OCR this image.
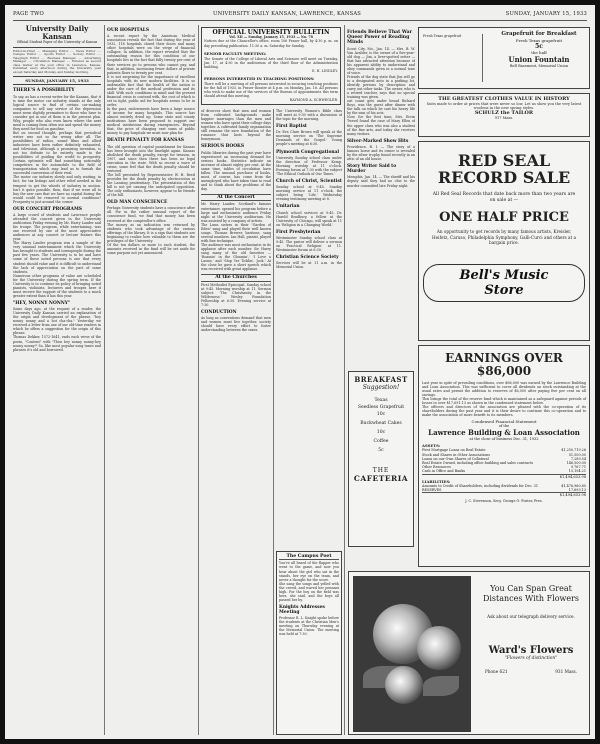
PAGE TWO	UNIVERSITY DAILY KANSAN, LAWRENCE, KANSAS	SUNDAY, JANUARY 15, 1933
University Daily Kansan
Official Student Paper of the University of Kansas
Editor-in-Chief .... Managing Editor .... News Editor .... Campus Editor .... Sports Editor .... Society Editor .... Telegraph Editor .... Business Manager .... Advertising Manager .... Circulation Manager .... Entered as second class matter at the post office in Lawrence, Kansas. Published every afternoon during the University year except Saturday and Monday, and Sunday morning.
SUNDAY, JANUARY 15, 1933
THERE'S A POSSIBILITY
To say, as has a recent writer for the Kansan, that it is time the motor car industry stands at the only logical source to find of certain car-making companies to sell any service of the depression must seem slightly premature to those who have to consider got in one of them is in the present plan. Why, people who also even know where the next meal is coming from often use and spend the money they need for food on gasoline.
But on second thought, perhaps that periodical writer was not so far wrong after all. The possibilities of radios, sound films and allied industries have been rather definitely exhausted, and television, although a promising invention, is not too definite to be entirely made to the possibilities of guiding the world to prosperity. Certain optimists will find something noticeably competitive in the automobile to the field of transportation which may lead us to furnish the successful conversion of their rival.
The motor car industry slowly and only waiting, in fact, for tax listings and other relief needed in the tempest to get the wheels of industry in motion. Isn't it quite possible, then, that if we were all to buy the new cars that we have no capital during the would could be removed to normal conditions? Prosperity is just around the corner.
OUR CONCERT PROGRAMS
A large crowd of students and Lawrence people attended the concert given in the University auditorium Friday evening by Mr. Harry Lauder and his troupe. The program, while entertaining, was one received by one of the most appreciative audiences at any concert or lecture feature this year.
The Harry Lauder program was a sample of the very unusual entertainment which the University has brought to students and townspeople during the past few years. The University is to be and have some of these noted persons is one that every student should value and it is difficult to understand the lack of appreciation on the part of some students.
Numerous other programs of value are scheduled for the University during the spring term. If the University is to continue its policy of bringing noted pianists, violinists, lecturers and troupes here it must receive the support of the students to a much greater extent than it has this year.
"HEY, NONNY NONNY"
Some days ago, at the request of a reader, the University Daily Kansan carried an explanation of the origin and development of the phrase, "hey nonny nonny and a hot cha-cha." Yesterday we received a letter from one of our old-time readers in which he offers a suggestion for the origin of this phrase.
Thomas Dekker, 1572-1641, ends each verse of the poem, "Content" with "Then hey nonny nonny-hey nonny nonny!" So, like most popular song tunes and phrases it's old and borrowed.
OUR HOSPITALS
A recent report by the American Medical association reveals the fact that during the year of 1932, 118 hospitals closed their doors and many other hospitals were on the verge of financial collapse. In addition, the report revealed that the outstanding reason for this condition of our hospitals lies in the fact that fully twenty per cent of their services go to persons who cannot pay, and that, in addition, increasing fewer dollars of private patients flows to twenty per cent.
It is not surprising for the importance of excellent hospitals with its new modern facilities. It is so undeniable fact that the health of the nation is under the care of the medical profession and its skill. With such conditions in mind and the present financial crisis to contend with, the cost of which is set in tight, public aid for hospitals seems to be in order.
In the past, endowments have been a large source of income for many hospitals. This source has almost entirely dried up. Some state and county institutions have been proposed to support our medical institutions during emergencies. Beyond that, the price of charging vast sums of public money to pay hospitals we must now plan for.
DEATH PENALTY FOR KANSAS
The old question of capital punishment for Kansas has been brought into the limelight again. Kansas abolished the death penalty, except for treason, in 1907, and since then there has been no legal execution in the state. With so recent a wave of crime, some feel that the death penalty should be restored.
The bill presented by Representative W. H. Reed provides for the death penalty by electrocution at the Lansing penitentiary. The presentation of this bill is not yet causing the anticipated opposition. The only enthusiasts, however, appear to be friends of the bill.
OLD MAN CONSCIENCE
Perhaps University students have a conscience after all. For in the rather unusual report of the conscience fund, we find that money has been received at the comptroller's office.
The money as an indication was returned by students who took advantage of the various offerings of the library. It is a sign that students are beginning to realize how valuable to them are the privileges of the University.
Of the ten dollars or more to each student, the amounts received in the fund will be set aside for some purpose not yet announced.
OFFICIAL UNIVERSITY BULLETIN
Vol. XII — Sunday, January 15, 1933 — No. 78
Notices due at the Chancellor's office, room 106 Fraser hall, by 4:30 p. m. on day preceding publication. 11:30 a. m. Saturday for Sunday.
SENIOR FACULTY MEETING:
The Senate of the College of Liberal Arts and Sciences will meet on Tuesday, Jan. 17, at 4:30 in the auditorium of the third floor of the Administration building.
E. H. LINDLEY.
PERSONS INTERESTED IN TEACHING POSITIONS:
There will be a meeting of all persons interested in securing teaching positions for the fall of 1933, in Fraser theater at 4 p.m. on Monday, Jan. 16. All persons who wish to make use of the services of the Bureau of Appointments this term should attend this meeting.
RAYMOND A. SCHWEGLER.
of divorces show that men and women from cultivated backgrounds make happier marriages than the men and women who have spent their college days together. A cultivated family organization still remains the sure foundation of the romance that lasts beyond the honeymoon.
SERIOUS BOOKS
Public libraries during the past year have experienced an increasing demand for serious books. Statistics indicate an increase of almost eighty per cent. At the same time, tables of circulation have fallen. The unusual purchase of books, most, of course, has come from the unemployed who have taken time to read and to think about the problems of the day.
At the Concert
Mr. Harry Lauder, Scotland's famous entertainer, opened his program before a large and enthusiastic audience Friday night at the University auditorium. He was assisted by a company of artists.
The Lunn sisters in their "Garden of Eden" sang and played their well known songs. Thomas Brewer, baritone, sang several numbers. Ian Hall, pianist, played with fine technique.
The audience was most enthusiastic in its applause after each number. Sir Harry sang many of the old favorites — 'Roamin' in the Gloamin',' 'I Love a Lassie,' and 'Stop Yer Ticklin', Jock.' At the close he gave a short speech which was received with great applause.
At the Churches
First Methodist Episcopal. Sunday school at 9:45. Morning worship at 11. Sermon subject: 'The Christianity in the Wilderness.' Wesley Foundation Fellowship at 6:30. Evening service at 7:30.
CONDUCTION
As long as conventions demand that men and women must live together, society should have every effort to foster understanding between the sexes.
The University Women's Bible class will meet at 9:30 with a discussion of the topic for the morning.
First Baptist
Dr. Eva Clare Brown will speak at the morning service on 'The Supreme Demands of the Gospel.' Young people's meeting at 6:30.
Plymouth Congregational
University Sunday school class under the direction of Professor Kemp. Morning worship at 11 o'clock. Evening forum at 7:30 with the subject 'The Ethical Outlook of Our Times.'
Church of Christ, Scientist
Sunday school at 9:45. Sunday morning service at 11 o'clock, the subject being 'Life.' Wednesday evening testimony meeting at 8.
Unitarian
Church school services at 9:45. Dr. Harold Bradbury, a fellow at the University of Chicago, will speak at 11 on 'Religion in a Changing World.'
First Presbyterian
Westminster Sunday school class at 9:45. The pastor will deliver a sermon on 'Practical Religion' at 11. Westminster forum at 6:30.
Christian Science Society
Services will be at 11 a.m. in the Memorial Union.
The Campus Poet
You've all heard of the flapper who went to the game, and now you hear about the girl who sat in the stands, her eye on the team, and never a thought for the score.
She sang the songs and yelled with the crowd, and waved her pennant high. For the boy on the field was hers, she said, and the boys all passed her by.
Knights Addresses Meeting
Professor R. L. Knight spoke before the students at the Christian Men's meeting on Thursday evening at the Memorial Union. The meeting was held at 7:30.
Friends Believe That War Queer Power of Reading Minds
Scout City, Mo., Jan. 14. — Mrs. B. W. Van Avalder, is the owner of a five-year-old dog — Jim, a liver-spotted setter — that has attracted attention because of his apparent ability to understand and obey commands given in a normal tone of voice.
Friends of the dog state that Jim will go to a designated auto in a parking lot, identify persons by description and carry out other tasks. The owner, who is a retired teacher, says that no special training was given.
out count gets under broad Richard Boys, was the guest after dinner with the talk on which he cast his heavy life by the sum of his acts.
Now, for the first time, Mrs. Ervin Tweed found the case of Mary Ellen of the upper class who was also a student of the fine arts, and today she receives many visitors.
Silver-Marked Show Hits
Providence, R. I. — The story of a famous horse and its owner is revealed by the silver trophy found recently in an attic of an old house.
Story Writer Said to Murder
Memphis, Jan. 14. — The sheriff and his deputy said they had no clue to the murder committed late Friday night.
BREAKFAST
Suggestion!
Texas
Seedless Grapefruit
10c
Buckwheat Cakes
10c
Coffee
5c
THE
CAFETERIA
Fresh Texas grapefruit	Grapefruit for Breakfast
Fresh Texas grapefruit
5c
the half
Union Fountain
Bell Basement, Memorial Union
THE GREATEST CLOTHES VALUE IN HISTORY
Suits made to order at prices that were never so low. Let us show you the very latest woolens in the new spring styles.
SCHULZ the TAILOR
917 Mass.
RED SEAL
RECORD SALE
All Red Seal Records that date back more than two years are on sale at —
ONE HALF PRICE
An opportunity to get records by many famous artists, Kreisler, Heifetz, Caruso, Philadelphia Symphony, Galli-Curci and others at a bargain price.
Bell's Music Store
EARNINGS OVER
$86,000
Last year in spite of prevailing conditions, over $86,000 was earned by the Lawrence Building and Loan Association. This was sufficient to cover all dividends on stock outstanding at the usual rates and permit the addition to reserves of $6,000 after paying five per cent on all savings.
This brings the total of the reserve fund which is maintained as a safeguard against periods of losses to over $17,691.13 as shown in the condensed statement below.
The officers and directors of the association are pleased with the co-operation of its shareholders during the past year and it is their desire to continue this co-operation and to make the association of more benefit to its members.
Condensed Financial Statement
of the
Lawrence Building & Loan Association
at the close of business Dec. 31, 1932
ASSETS:
First Mortgage Loans on Real Estate	$1,250,719.26
Stock and Shares in Other Associations	51,500.00
Loans on our Own Shares of Collateral	7,289.54
Real Estate Owned, including office building and sales contracts	146,500.00
Other Resources	9,767.71
Cash in Office and Banks	15,194.21
$1,494,653.98
LIABILITIES:
Amounts to Credit of Shareholders, including dividends for Dec. 31	$1,476,960.85
RESERVES	17,693.13
$1,494,653.98
J. C. Stevenson, Secy. George O. Foster, Pres.
You Can Span Great Distances With Flowers
Ask about our telegraph delivery service.
Ward's Flowers
"Flowers of distinction"
Phone 621	931 Mass.
